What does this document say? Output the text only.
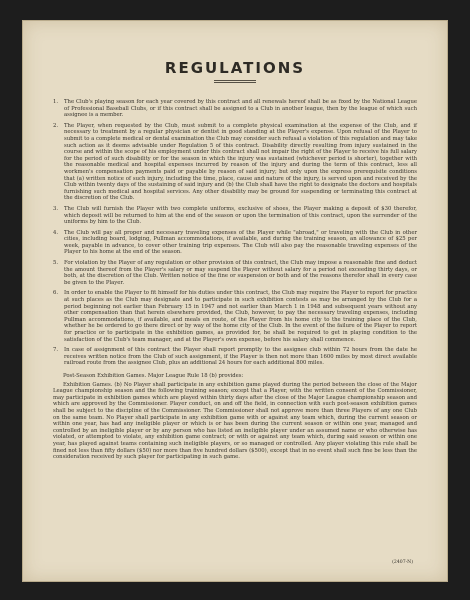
REGULATIONS
1.	The Club's playing season for each year covered by this contract and all renewals hereof shall be as fixed by the National League of Professional Baseball Clubs, or if this contract shall be assigned to a Club in another league, then by the league of which such assignee is a member.
2.	The Player, when requested by the Club, must submit to a complete physical examination at the expense of the Club, and if necessary to treatment by a regular physician or dentist in good standing at the Player's expense. Upon refusal of the Player to submit to a complete medical or dental examination the Club may consider such refusal a violation of this regulation and may take such action as it deems advisable under Regulation 5 of this contract. Disability directly resulting from injury sustained in the course and within the scope of his employment under this contract shall not impair the right of the Player to receive his full salary for the period of such disability or for the season in which the injury was sustained (whichever period is shorter), together with the reasonable medical and hospital expenses incurred by reason of the injury and during the term of this contract, less all workmen's compensation payments paid or payable by reason of said injury; but only upon the express prerequisite conditions that (a) written notice of such injury, including the time, place, cause and nature of the injury, is served upon and received by the Club within twenty days of the sustaining of said injury and (b) the Club shall have the right to designate the doctors and hospitals furnishing such medical and hospital services. Any other disability may be ground for suspending or terminating this contract at the discretion of the Club.
3.	The Club will furnish the Player with two complete uniforms, exclusive of shoes, the Player making a deposit of $30 therefor, which deposit will be returned to him at the end of the season or upon the termination of this contract, upon the surrender of the uniforms by him to the Club.
4.	The Club will pay all proper and necessary traveling expenses of the Player while "abroad," or traveling with the Club in other cities, including board, lodging, Pullman accommodations, if available, and during the training season, an allowance of $25 per week, payable in advance, to cover other training trip expenses. The Club will also pay the reasonable traveling expenses of the Player to his home at the end of the season.
5.	For violation by the Player of any regulation or other provision of this contract, the Club may impose a reasonable fine and deduct the amount thereof from the Player's salary or may suspend the Player without salary for a period not exceeding thirty days, or both, at the discretion of the Club. Written notice of the fine or suspension or both and of the reasons therefor shall in every case be given to the Player.
6.	In order to enable the Player to fit himself for his duties under this contract, the Club may require the Player to report for practice at such places as the Club may designate and to participate in such exhibition contests as may be arranged by the Club for a period beginning not earlier than February 15 in 1947 and not earlier than March 1 in 1948 and subsequent years without any other compensation than that herein elsewhere provided, the Club, however, to pay the necessary traveling expenses, including Pullman accommodations, if available, and meals en route, of the Player from his home city to the training place of the Club, whether he be ordered to go there direct or by way of the home city of the Club. In the event of the failure of the Player to report for practice or to participate in the exhibition games, as provided for, he shall be required to get in playing condition to the satisfaction of the Club's team manager, and at the Player's own expense, before his salary shall commence.
7.	In case of assignment of this contract the Player shall report promptly to the assignee club within 72 hours from the date he receives written notice from the Club of such assignment, if the Player is then not more than 1600 miles by most direct available railroad route from the assignee Club, plus an additional 24 hours for each additional 800 miles.
Post-Season Exhibition Games. Major League Rule 18 (b) provides:
Exhibition Games. (b) No Player shall participate in any exhibition game played during the period between the close of the Major League championship season and the following training season; except that a Player, with the written consent of the Commissioner, may participate in exhibition games which are played within thirty days after the close of the Major League championship season and which are approved by the Commissioner. Player conduct, on and off the field, in connection with such post-season exhibition games shall be subject to the discipline of the Commissioner. The Commissioner shall not approve more than three Players of any one Club on the same team. No Player shall participate in any exhibition game with or against any team which, during the current season or within one year, has had any ineligible player or which is or has been during the current season or within one year, managed and controlled by an ineligible player or by any person who has listed an ineligible player under an assumed name or who otherwise has violated, or attempted to violate, any exhibition game contract; or with or against any team which, during said season or within one year, has played against teams containing such ineligible players, or so managed or controlled. Any player violating this rule shall be fined not less than fifty dollars ($50) nor more than five hundred dollars ($500), except that in no event shall such fine be less than the consideration received by such player for participating in such game.
(2407-N)
